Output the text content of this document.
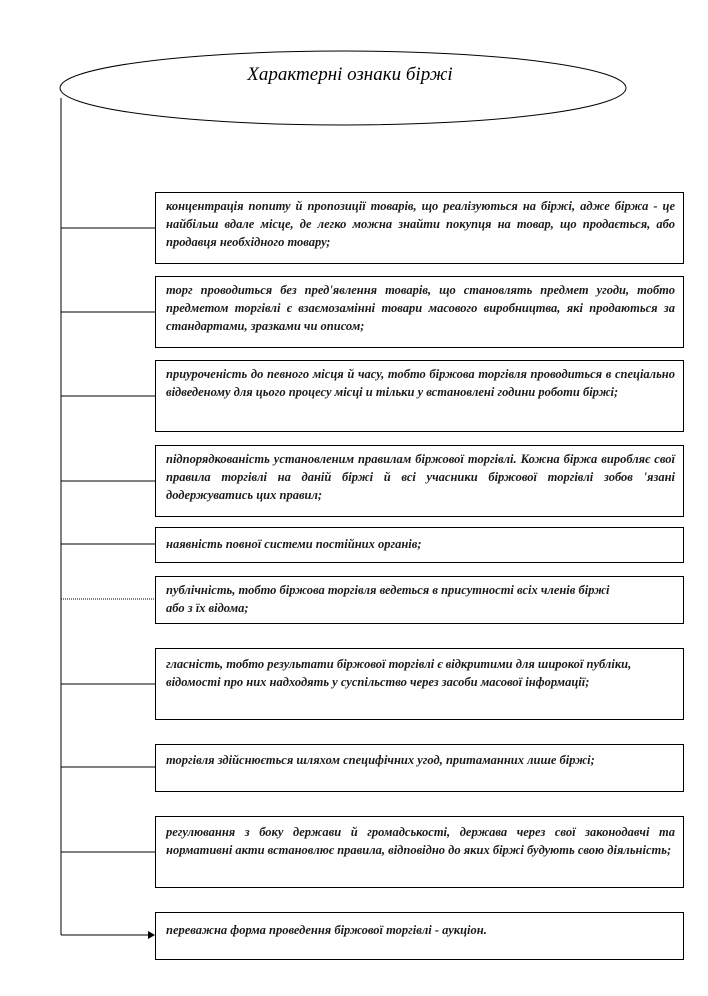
Характерні ознаки біржі
концентрація попиту й пропозиції товарів, що реалізуються на біржі, адже біржа - це найбільш вдале місце, де легко можна знайти покупця на товар, що продається, або продавця необхідного товару;
торг проводиться без пред'явлення товарів, що становлять предмет угоди, тобто предметом торгівлі є взаємозамінні товари масового виробництва, які продаються за стандартами, зразками чи описом;
приуроченість до певного місця й часу, тобто біржова торгівля проводиться в спеціально відведеному для цього процесу місці и тільки у встановлені години роботи біржі;
підпорядкованість установленим правилам біржової торгівлі. Кожна біржа виробляє свої правила торгівлі на даній біржі й всі учасники біржової торгівлі зобов 'язані додержуватись цих правил;
наявність повної системи постійних органів;
публічність, тобто біржова торгівля ведеться в присутності всіх членів біржі або з їх відома;
гласність, тобто результати біржової торгівлі є відкритими для широкої публіки, відомості про них надходять у суспільство через засоби масової інформації;
торгівля здійснюється шляхом специфічних угод, притаманних лише біржі;
регулювання з боку держави й громадськості, держава через свої законодавчі та нормативні акти встановлює правила, відповідно до яких біржі будують свою діяльність;
переважна форма проведення біржової торгівлі - аукціон.
